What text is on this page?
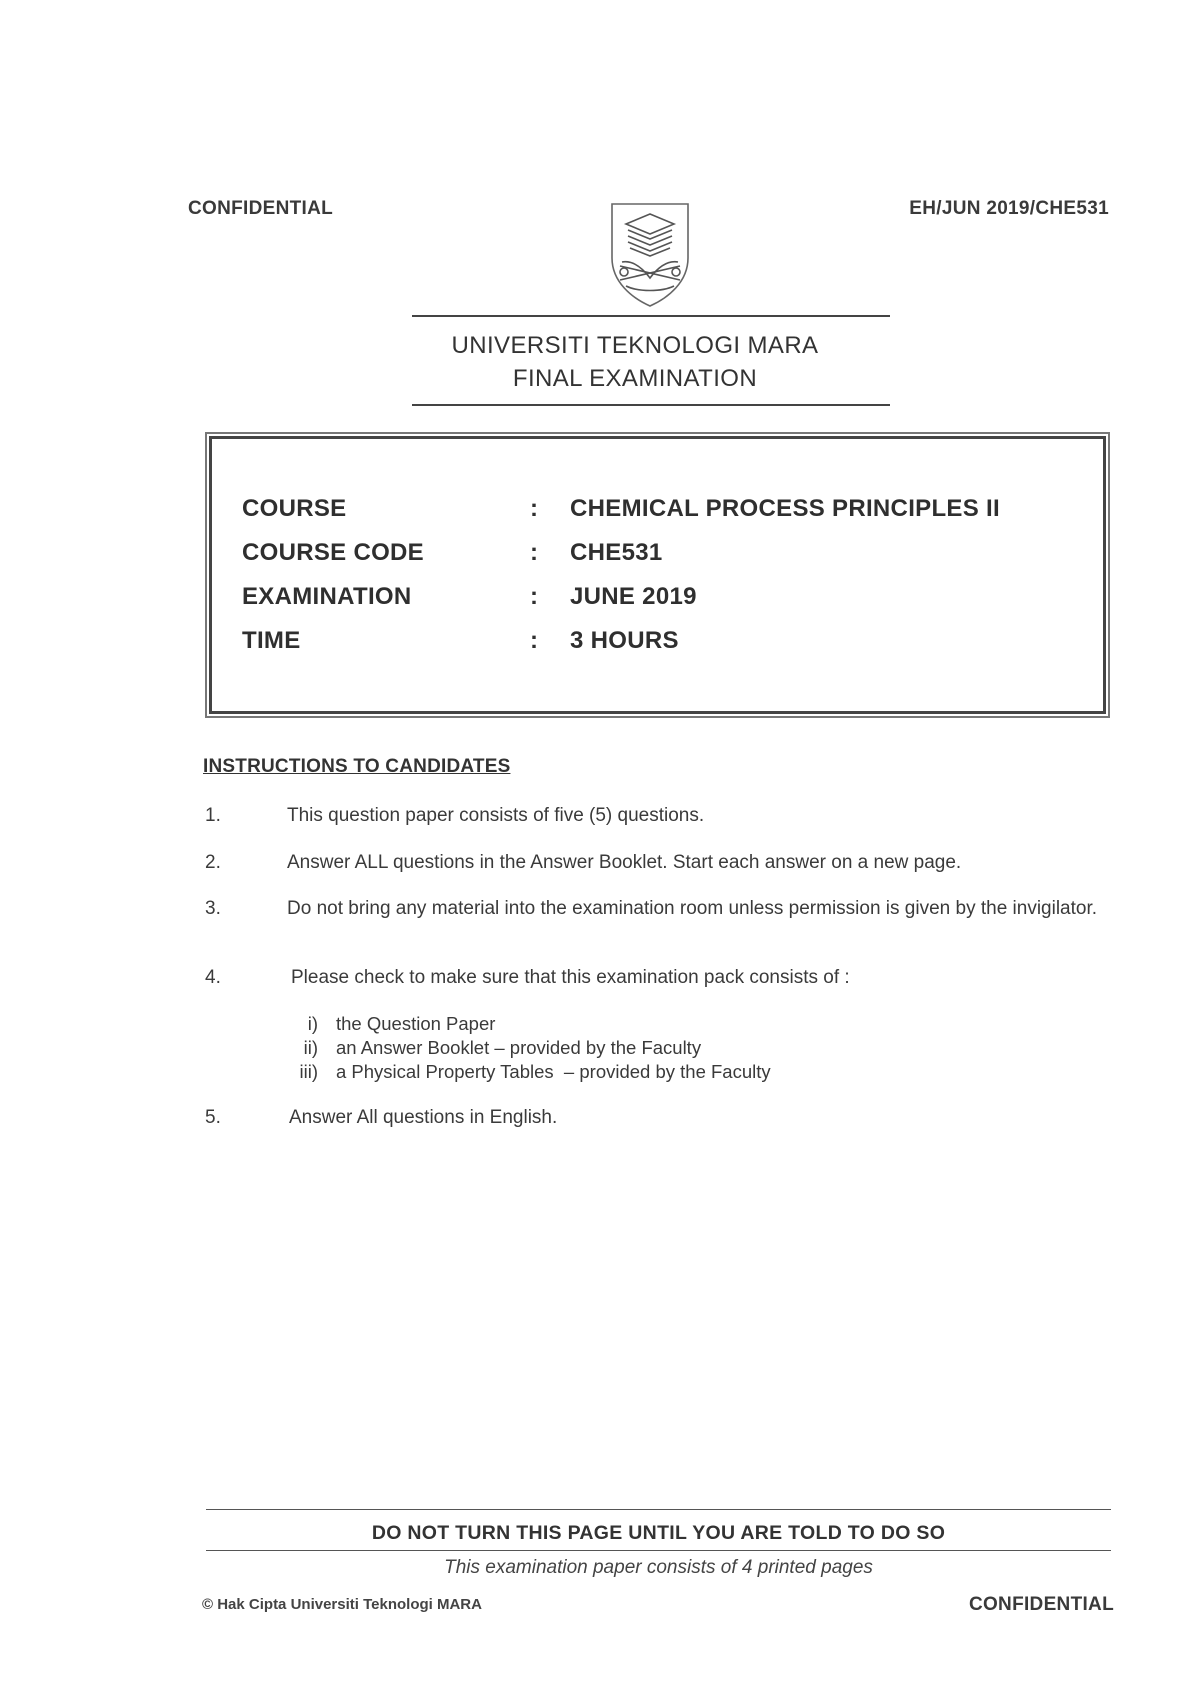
CONFIDENTIAL	EH/JUN 2019/CHE531
UNIVERSITI TEKNOLOGI MARA
FINAL EXAMINATION
COURSE	: CHEMICAL PROCESS PRINCIPLES II
COURSE CODE	: CHE531
EXAMINATION	: JUNE 2019
TIME	: 3 HOURS
INSTRUCTIONS TO CANDIDATES
1.	This question paper consists of five (5) questions.
2.	Answer ALL questions in the Answer Booklet. Start each answer on a new page.
3.	Do not bring any material into the examination room unless permission is given by the invigilator.
4.	Please check to make sure that this examination pack consists of :
i) the Question Paper
ii) an Answer Booklet – provided by the Faculty
iii) a Physical Property Tables  – provided by the Faculty
5.	Answer All questions in English.
DO NOT TURN THIS PAGE UNTIL YOU ARE TOLD TO DO SO
This examination paper consists of 4 printed pages
© Hak Cipta Universiti Teknologi MARA	CONFIDENTIAL
